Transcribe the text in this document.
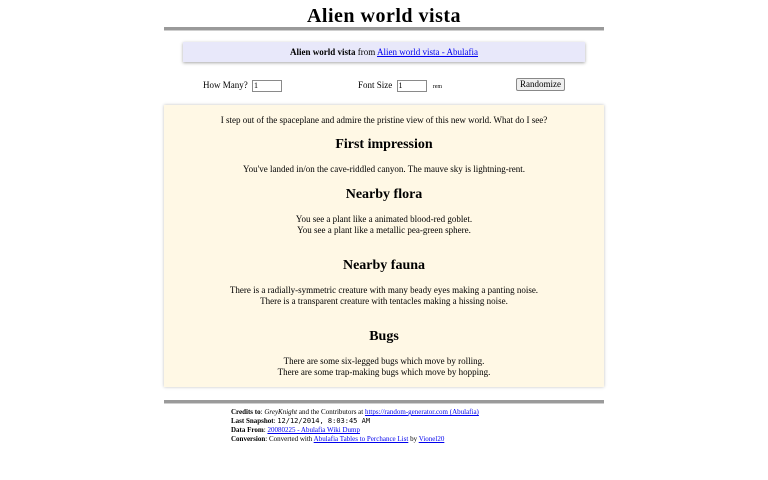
Alien world vista
Alien world vista from Alien world vista - Abulafia
How Many? 1	Font Size 1	rem	Randomize
I step out of the spaceplane and admire the pristine view of this new world. What do I see?
First impression
You've landed in/on the cave-riddled canyon. The mauve sky is lightning-rent.
Nearby flora
You see a plant like a animated blood-red goblet.
You see a plant like a metallic pea-green sphere.
Nearby fauna
There is a radially-symmetric creature with many beady eyes making a panting noise.
There is a transparent creature with tentacles making a hissing noise.
Bugs
There are some six-legged bugs which move by rolling.
There are some trap-making bugs which move by hopping.
Credits to: GreyKnight and the Contributors at https://random-generator.com (Abulafia)
Last Snapshot: 12/12/2014, 8:03:45 AM
Data From: 20080225 - Abulafia Wiki Dump
Conversion: Converted with Abulafia Tables to Perchance List by Vionel20
